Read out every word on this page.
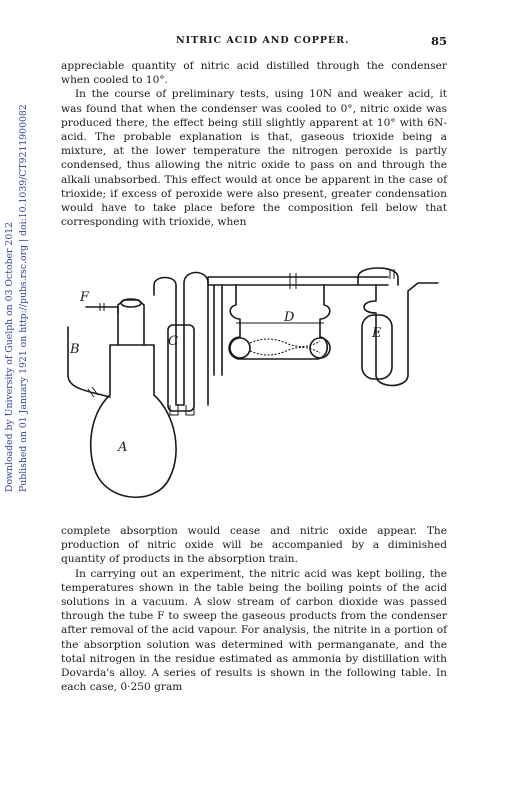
NITRIC ACID AND COPPER.	85
Downloaded by University of Guelph on 03 October 2012 Published on 01 January 1921 on http://pubs.rsc.org | doi:10.1039/CT9211900082

appreciable quantity of nitric acid distilled through the condenser when cooled to 10°.

In the course of preliminary tests, using 10N and weaker acid, it was found that when the condenser was cooled to 0°, nitric oxide was produced there, the effect being still slightly apparent at 10° with 6N-acid. The probable explanation is that, gaseous trioxide being a mixture, at the lower temperature the nitrogen peroxide is partly condensed, thus allowing the nitric oxide to pass on and through the alkali unabsorbed. This effect would at once be apparent in the case of trioxide; if excess of peroxide were also present, greater condensation would have to take place before the composition fell below that corresponding with trioxide, when

A
B
C
D
E
F

complete absorption would cease and nitric oxide appear. The production of nitric oxide will be accompanied by a diminished quantity of products in the absorption train.

In carrying out an experiment, the nitric acid was kept boiling, the temperatures shown in the table being the boiling points of the acid solutions in a vacuum. A slow stream of carbon dioxide was passed through the tube F to sweep the gaseous products from the condenser after removal of the acid vapour. For analysis, the nitrite in a portion of the absorption solution was determined with permanganate, and the total nitrogen in the residue estimated as ammonia by distillation with Dovarda's alloy. A series of results is shown in the following table. In each case, 0·250 gram
